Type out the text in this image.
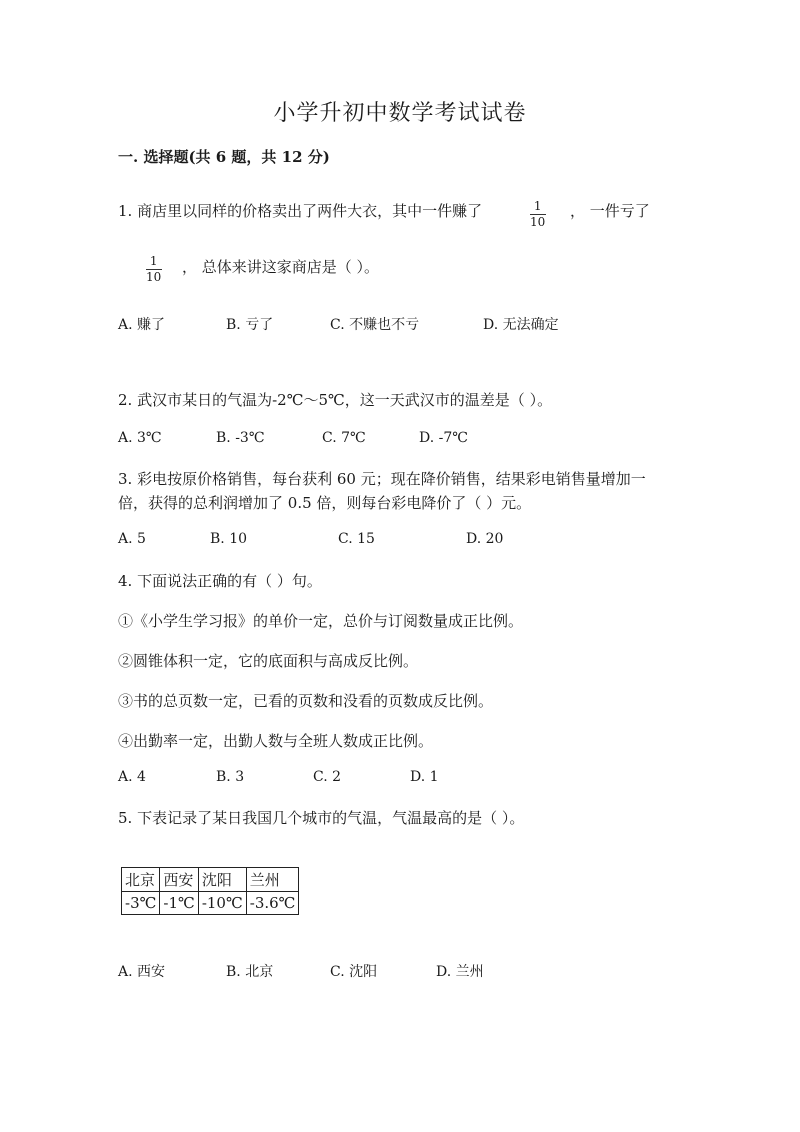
小学升初中数学考试试卷
一. 选择题(共 6 题，共 12 分)
1. 商店里以同样的价格卖出了两件大衣，其中一件赚了	$\frac{1}{10}$ ， 一件亏了
$\frac{1}{10}$ ， 总体来讲这家商店是（ ）。
A. 赚了	B. 亏了	C. 不赚也不亏	D. 无法确定
2. 武汉市某日的气温为-2℃～5℃，这一天武汉市的温差是（ ）。
A. 3℃	B. -3℃	C. 7℃	D. -7℃
3. 彩电按原价格销售，每台获利 60 元；现在降价销售，结果彩电销售量增加一
倍，获得的总利润增加了 0.5 倍，则每台彩电降价了（ ）元。
A. 5	B. 10	C. 15	D. 20
4. 下面说法正确的有（ ）句。
①《小学生学习报》的单价一定，总价与订阅数量成正比例。
②圆锥体积一定，它的底面积与高成反比例。
③书的总页数一定，已看的页数和没看的页数成反比例。
④出勤率一定，出勤人数与全班人数成正比例。
A. 4	B. 3	C. 2	D. 1
5. 下表记录了某日我国几个城市的气温，气温最高的是（ ）。
北京	西安	沈阳	兰州
-3℃	-1℃	-10℃	-3.6℃
A. 西安	B. 北京	C. 沈阳	D. 兰州
